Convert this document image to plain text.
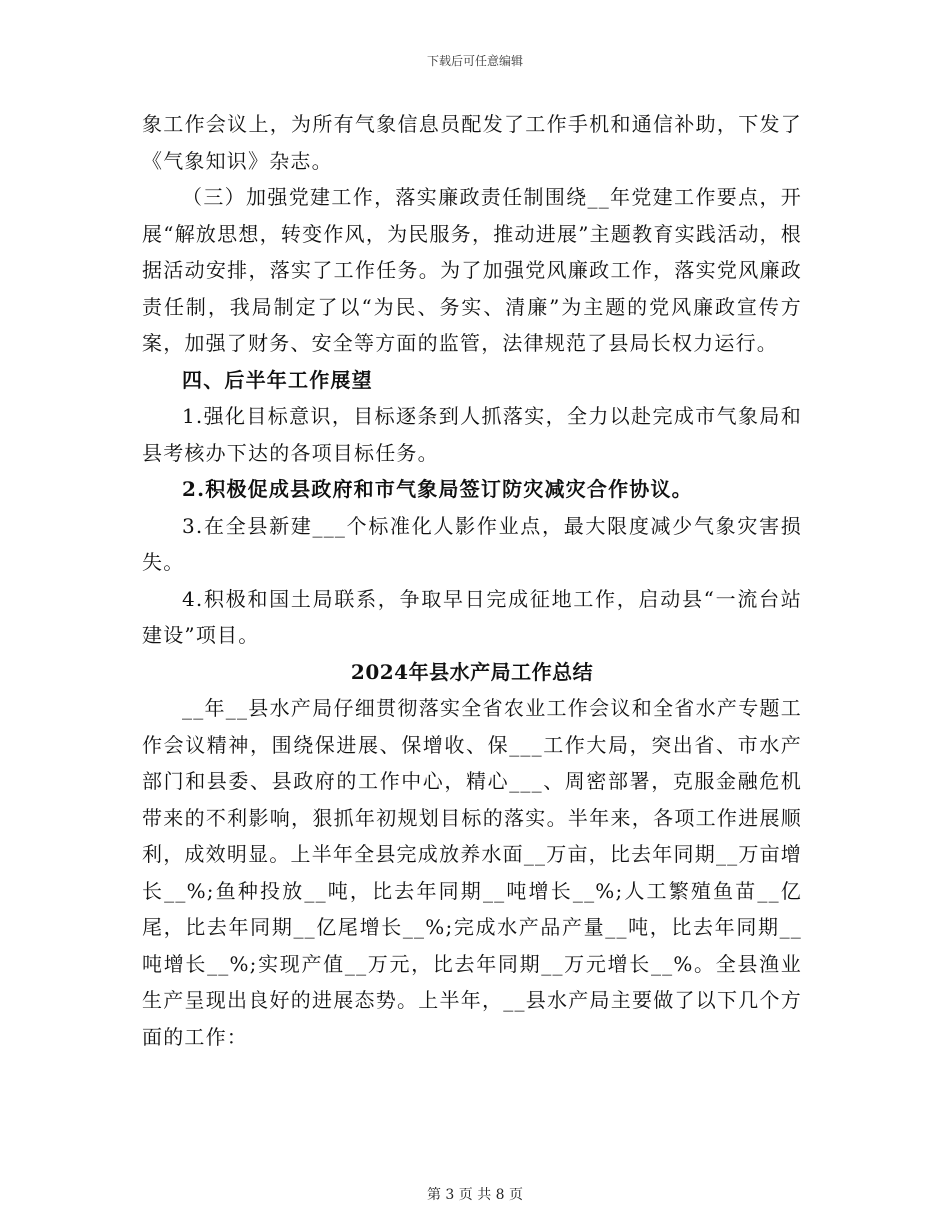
下载后可任意编辑

象工作会议上，为所有气象信息员配发了工作手机和通信补助，下发了《气象知识》杂志。

（三）加强党建工作，落实廉政责任制围绕__年党建工作要点，开展“解放思想，转变作风，为民服务，推动进展”主题教育实践活动，根据活动安排，落实了工作任务。为了加强党风廉政工作，落实党风廉政责任制，我局制定了以“为民、务实、清廉”为主题的党风廉政宣传方案，加强了财务、安全等方面的监管，法律规范了县局长权力运行。

四、后半年工作展望

1.强化目标意识，目标逐条到人抓落实，全力以赴完成市气象局和县考核办下达的各项目标任务。

2.积极促成县政府和市气象局签订防灾减灾合作协议。

3.在全县新建___个标准化人影作业点，最大限度减少气象灾害损失。

4.积极和国土局联系，争取早日完成征地工作，启动县“一流台站建设”项目。

2024年县水产局工作总结

__年__县水产局仔细贯彻落实全省农业工作会议和全省水产专题工作会议精神，围绕保进展、保增收、保___工作大局，突出省、市水产部门和县委、县政府的工作中心，精心___、周密部署，克服金融危机带来的不利影响，狠抓年初规划目标的落实。半年来，各项工作进展顺利，成效明显。上半年全县完成放养水面__万亩，比去年同期__万亩增长__%;鱼种投放__吨，比去年同期__吨增长__%;人工繁殖鱼苗__亿尾，比去年同期__亿尾增长__%;完成水产品产量__吨，比去年同期__吨增长__%;实现产值__万元，比去年同期__万元增长__%。全县渔业生产呈现出良好的进展态势。上半年，__县水产局主要做了以下几个方面的工作：

第 3 页 共 8 页
